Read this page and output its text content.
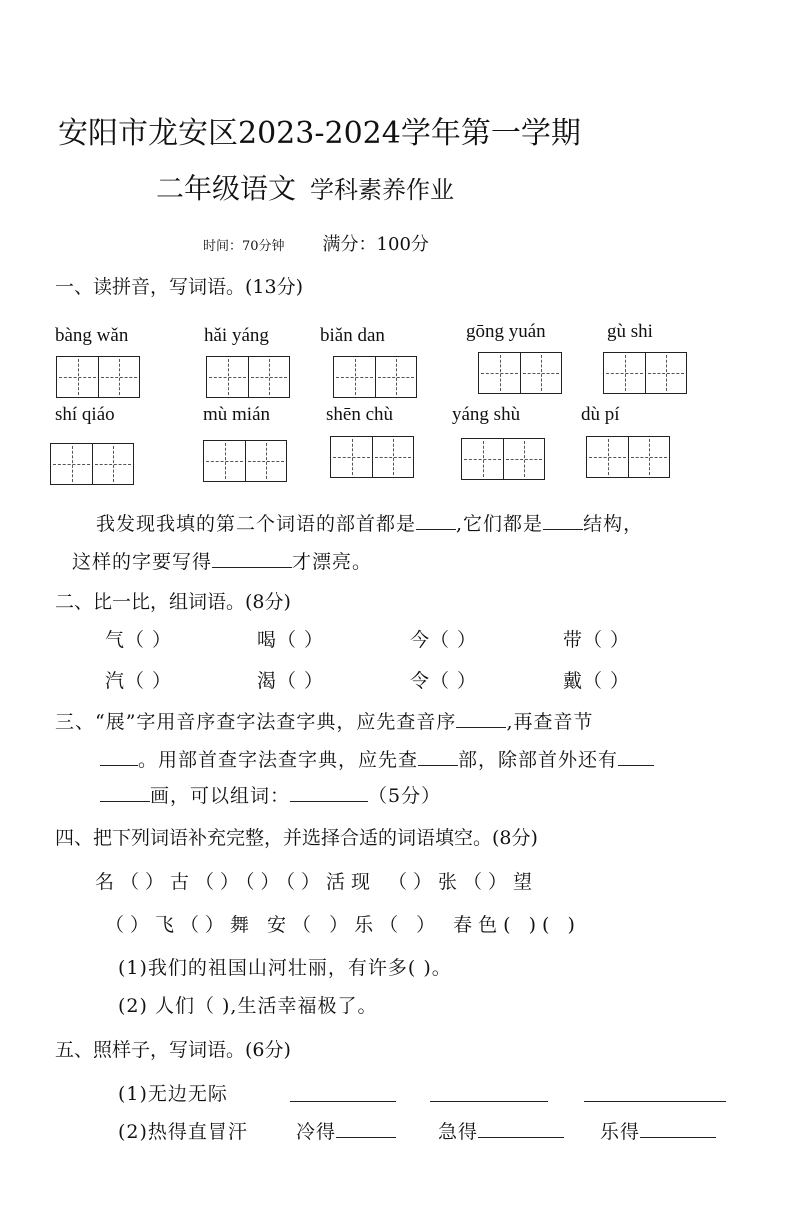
安阳市龙安区2023-2024学年第一学期
二年级语文 学科素养作业
时间：70分钟 满分：100分
一、读拼音，写词语。(13分)
bàng wǎn	hǎi yáng	biǎn dan	gōng yuán	gù shi
shí qiáo	mù mián	shēn chù	yáng shù	dù pí
我发现我填的第二个词语的部首都是 ,它们都是 结构，
这样的字要写得	才漂亮。
二、比一比，组词语。(8分)
气（ ）	喝（ ）	今（ ）	带（ ）
汽（ ）	渴（ ）	令（ ）	戴（ ）
三、“展”字用音序查字法查字典，应先查音序	,再查音节
。用部首查字法查字典，应先查 部，除部首外还有
画，可以组词：	（5分）
四、把下列词语补充完整，并选择合适的词语填空。(8分)
名（）古（）（）（）活现 （）张（）望
（）飞（）舞 安（ ）乐（ ） 春色( )( )
(1)我们的祖国山河壮丽，有许多( )。
(2) 人们（ ),生活幸福极了。
五、照样子，写词语。(6分)
(1)无边无际
(2)热得直冒汗	冷得	急得	乐得
